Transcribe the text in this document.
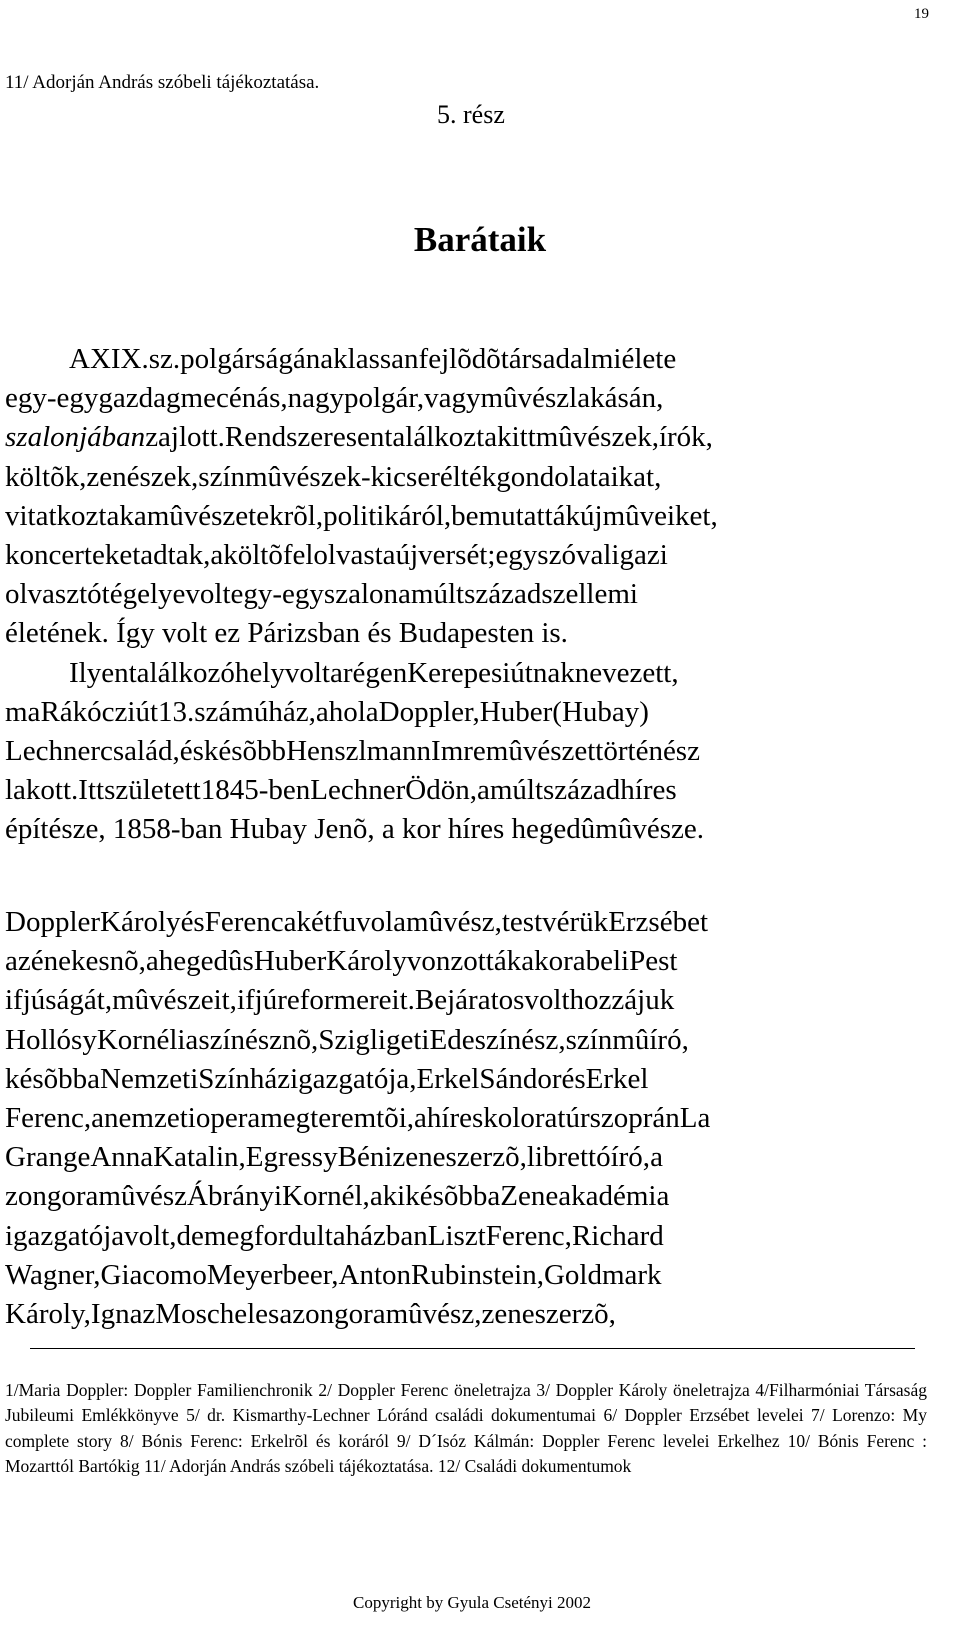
19
11/ Adorján András szóbeli tájékoztatása.
5. rész
Barátaik
AXIX.sz.polgárságánaklassanfejlõdõtársadalmiélete
egy-egygazdagmecénás,nagypolgár,vagymûvészlakásán,
szalonjábanzajlott.Rendszeresentalálkoztakittmûvészek,írók,
költõk,zenészek,színmûvészek-kicseréltékgondolataikat,
vitatkoztakamûvészetekrõl,politikáról,bemutattákújmûveiket,
koncerteketadtak,aköltõfelolvastaújversét;egyszóvaligazi
olvasztótégelyevoltegy-egyszalonamúltszázadszellemi
életének. Így volt ez Párizsban és Budapesten is.
IlyentalálkozóhelyvoltarégenKerepesiútnaknevezett,
maRákócziút13.számúház,aholaDoppler,Huber(Hubay)
Lechnercsalád,éskésõbbHenszlmannImremûvészettörténész
lakott.Ittszületett1845-benLechnerÖdön,amúltszázadhíres
építésze, 1858-ban Hubay Jenõ, a kor híres hegedûmûvésze.
DopplerKárolyésFerencakétfuvolamûvész,testvérükErzsébet
azénekesnõ,ahegedûsHuberKárolyvonzottákakorabeliPest
ifjúságát,mûvészeit,ifjúreformereit.Bejáratosvolthozzájuk
HollósyKornéliaszínésznõ,SzigligetiEdeszínész,színmûíró,
késõbbaNemzetiSzínházigazgatója,ErkelSándorésErkel
Ferenc,anemzetioperamegteremtõi,ahíreskoloratúrszopránLa
GrangeAnnaKatalin,EgressyBénizeneszerzõ,librettóíró,a
zongoramûvészÁbrányiKornél,akikésõbbaZeneakadémia
igazgatójavolt,demegfordultaházbanLisztFerenc,Richard
Wagner,GiacomoMeyerbeer,AntonRubinstein,Goldmark
Károly,IgnazMoschelesazongoramûvész,zeneszerzõ,
1/Maria Doppler: Doppler Familienchronik 2/ Doppler Ferenc öneletrajza 3/ Doppler Károly öneletrajza 4/Filharmóniai Társaság Jubileumi Emlékkönyve 5/ dr. Kismarthy-Lechner Lóránd családi dokumentumai 6/ Doppler Erzsébet levelei 7/ Lorenzo: My complete story 8/ Bónis Ferenc: Erkelrõl és koráról 9/ D´Isóz Kálmán: Doppler Ferenc levelei Erkelhez 10/ Bónis Ferenc : Mozarttól Bartókig 11/ Adorján András szóbeli tájékoztatása. 12/ Családi dokumentumok
Copyright by Gyula Csetényi 2002
